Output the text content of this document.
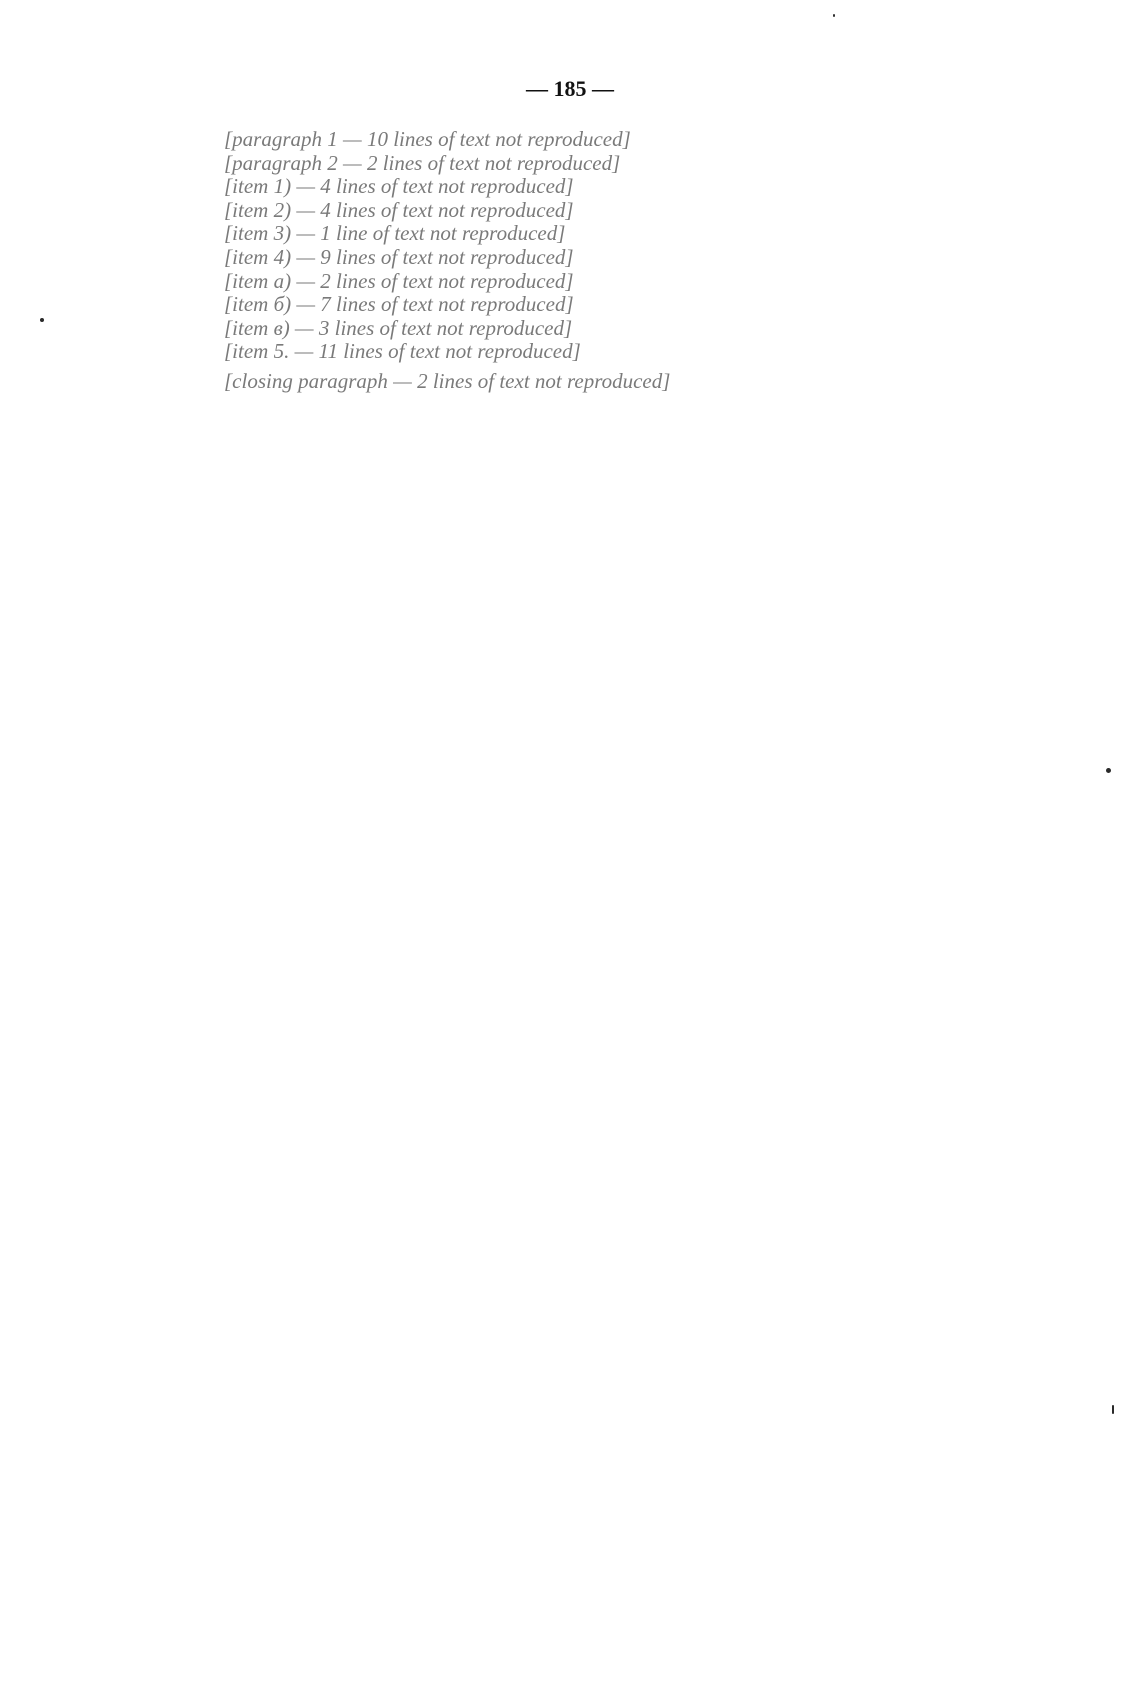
— 185 —

[paragraph 1 — 10 lines of text not reproduced]

[paragraph 2 — 2 lines of text not reproduced]

[item 1) — 4 lines of text not reproduced]

[item 2) — 4 lines of text not reproduced]

[item 3) — 1 line of text not reproduced]

[item 4) — 9 lines of text not reproduced]

[item а) — 2 lines of text not reproduced]

[item б) — 7 lines of text not reproduced]

[item в) — 3 lines of text not reproduced]

[item 5. — 11 lines of text not reproduced]

[closing paragraph — 2 lines of text not reproduced]
